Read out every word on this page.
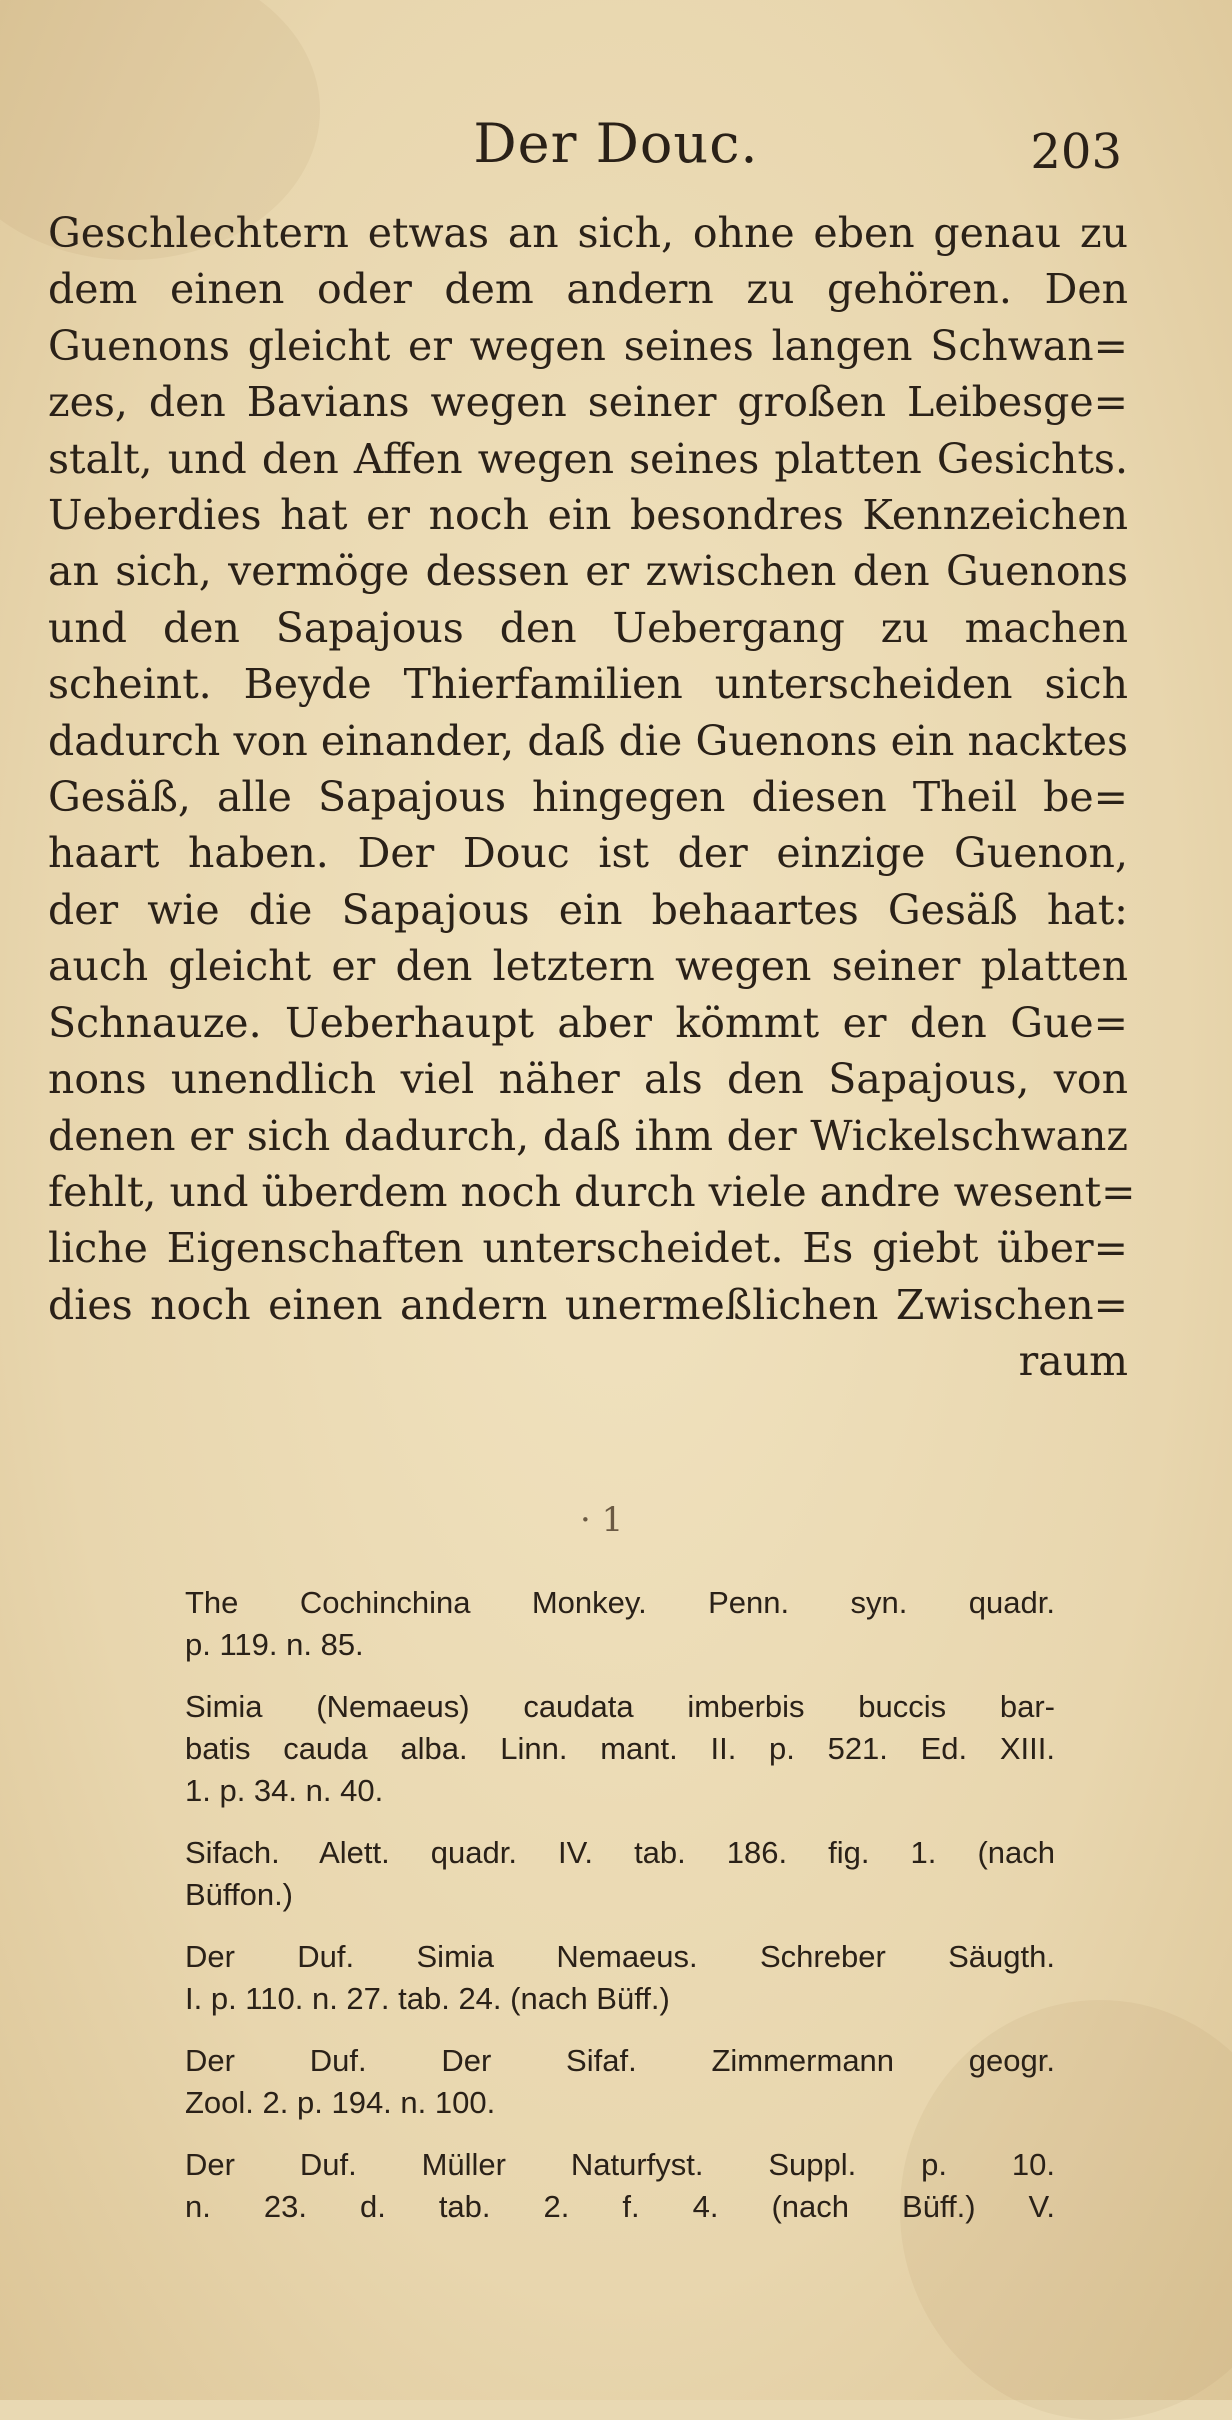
Der Douc.	203
Geschlechtern etwas an sich, ohne eben genau zu
dem einen oder dem andern zu gehören. Den
Guenons gleicht er wegen seines langen Schwan=
zes, den Bavians wegen seiner großen Leibesge=
stalt, und den Affen wegen seines platten Gesichts.
Ueberdies hat er noch ein besondres Kennzeichen
an sich, vermöge dessen er zwischen den Guenons
und den Sapajous den Uebergang zu machen
scheint. Beyde Thierfamilien unterscheiden sich
dadurch von einander, daß die Guenons ein nacktes
Gesäß, alle Sapajous hingegen diesen Theil be=
haart haben. Der Douc ist der einzige Guenon,
der wie die Sapajous ein behaartes Gesäß hat:
auch gleicht er den letztern wegen seiner platten
Schnauze. Ueberhaupt aber kömmt er den Gue=
nons unendlich viel näher als den Sapajous, von
denen er sich dadurch, daß ihm der Wickelschwanz
fehlt, und überdem noch durch viele andre wesent=
liche Eigenschaften unterscheidet. Es giebt über=
dies noch einen andern unermeßlichen Zwischen=
raum
· 1
The Cochinchina Monkey. Penn. syn. quadr.
p. 119. n. 85.
Simia (Nemaeus) caudata imberbis buccis bar-
batis cauda alba. Linn. mant. II. p. 521. Ed. XIII.
1. p. 34. n. 40.
Sifach. Alett. quadr. IV. tab. 186. fig. 1. (nach
Büffon.)
Der Duf. Simia Nemaeus. Schreber Säugth.
I. p. 110. n. 27. tab. 24. (nach Büff.)
Der Duf. Der Sifaf. Zimmermann geogr.
Zool. 2. p. 194. n. 100.
Der Duf. Müller Naturfyst. Suppl. p. 10.
n. 23. d. tab. 2. f. 4. (nach Büff.) V.
